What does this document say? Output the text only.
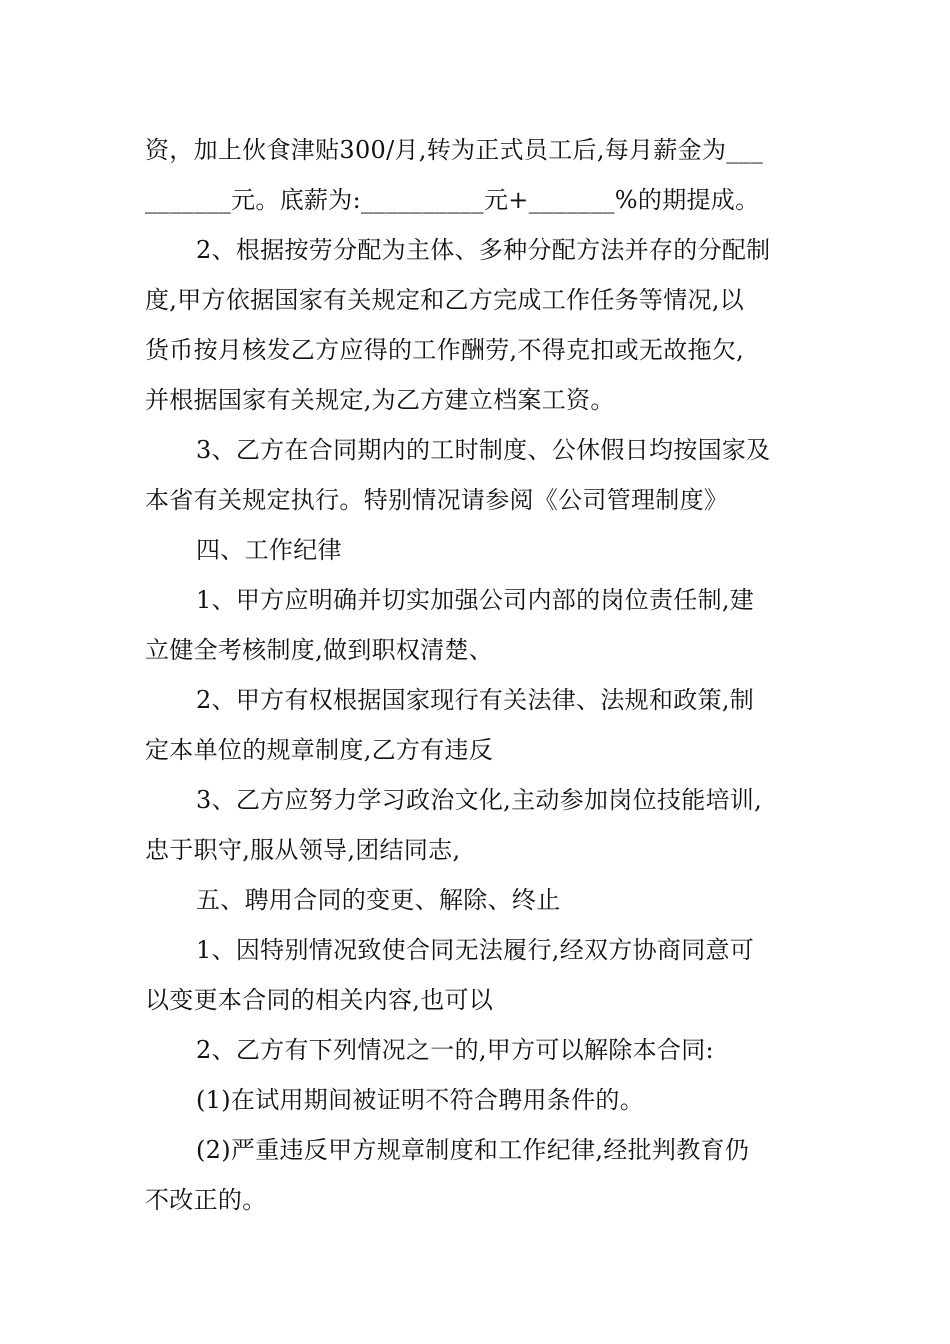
资，加上伙食津贴300/月,转为正式员工后,每月薪金为___
_______元。底薪为:__________元+_______%的期提成。
2、根据按劳分配为主体、多种分配方法并存的分配制
度,甲方依据国家有关规定和乙方完成工作任务等情况,以
货币按月核发乙方应得的工作酬劳,不得克扣或无故拖欠,
并根据国家有关规定,为乙方建立档案工资。
3、乙方在合同期内的工时制度、公休假日均按国家及
本省有关规定执行。特别情况请参阅《公司管理制度》
四、工作纪律
1、甲方应明确并切实加强公司内部的岗位责任制,建
立健全考核制度,做到职权清楚、
2、甲方有权根据国家现行有关法律、法规和政策,制
定本单位的规章制度,乙方有违反
3、乙方应努力学习政治文化,主动参加岗位技能培训,
忠于职守,服从领导,团结同志,
五、聘用合同的变更、解除、终止
1、因特别情况致使合同无法履行,经双方协商同意可
以变更本合同的相关内容,也可以
2、乙方有下列情况之一的,甲方可以解除本合同:
(1)在试用期间被证明不符合聘用条件的。
(2)严重违反甲方规章制度和工作纪律,经批判教育仍
不改正的。
